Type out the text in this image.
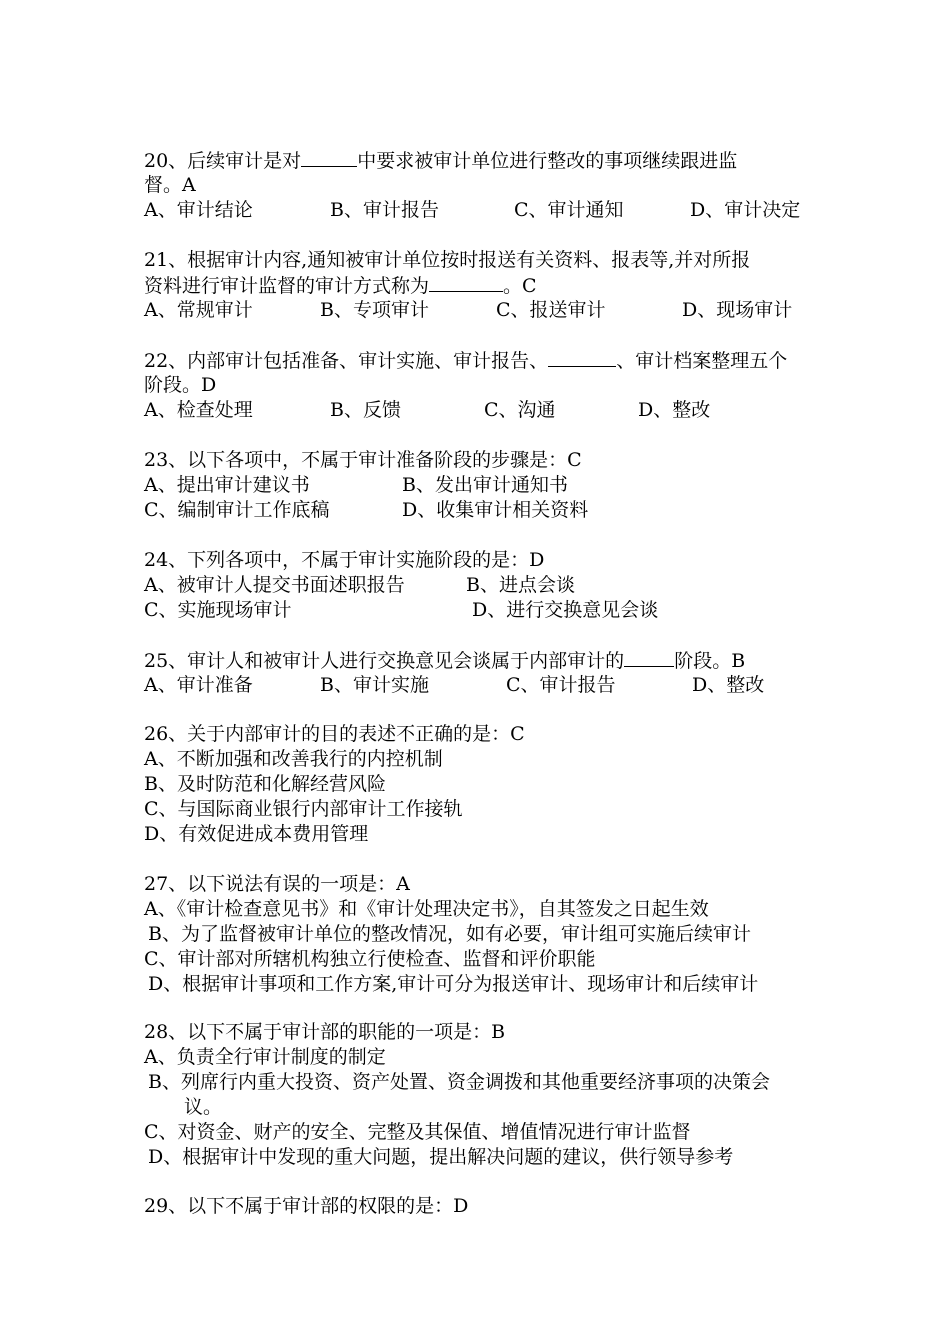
20、后续审计是对	中要求被审计单位进行整改的事项继续跟进监
督。A
A、审计结论	B、审计报告	C、审计通知	D、审计决定
21、根据审计内容,通知被审计单位按时报送有关资料、报表等,并对所报
资料进行审计监督的审计方式称为	。C
A、常规审计	B、专项审计	C、报送审计	D、现场审计
22、内部审计包括准备、审计实施、审计报告、	、审计档案整理五个
阶段。D
A、检查处理	B、反馈	C、沟通	D、整改
23、以下各项中，不属于审计准备阶段的步骤是：C
A、提出审计建议书	B、发出审计通知书
C、编制审计工作底稿	D、收集审计相关资料
24、下列各项中，不属于审计实施阶段的是：D
A、被审计人提交书面述职报告	B、进点会谈
C、实施现场审计	D、进行交换意见会谈
25、审计人和被审计人进行交换意见会谈属于内部审计的	阶段。B
A、审计准备	B、审计实施	C、审计报告	D、整改
26、关于内部审计的目的表述不正确的是：C
A、不断加强和改善我行的内控机制
B、及时防范和化解经营风险
C、与国际商业银行内部审计工作接轨
D、有效促进成本费用管理
27、以下说法有误的一项是：A
A、《审计检查意见书》和《审计处理决定书》，自其签发之日起生效
B、为了监督被审计单位的整改情况，如有必要，审计组可实施后续审计
C、审计部对所辖机构独立行使检查、监督和评价职能
D、根据审计事项和工作方案,审计可分为报送审计、现场审计和后续审计
28、以下不属于审计部的职能的一项是：B
A、负责全行审计制度的制定
B、列席行内重大投资、资产处置、资金调拨和其他重要经济事项的决策会
议。
C、对资金、财产的安全、完整及其保值、增值情况进行审计监督
D、根据审计中发现的重大问题，提出解决问题的建议，供行领导参考
29、以下不属于审计部的权限的是：D
